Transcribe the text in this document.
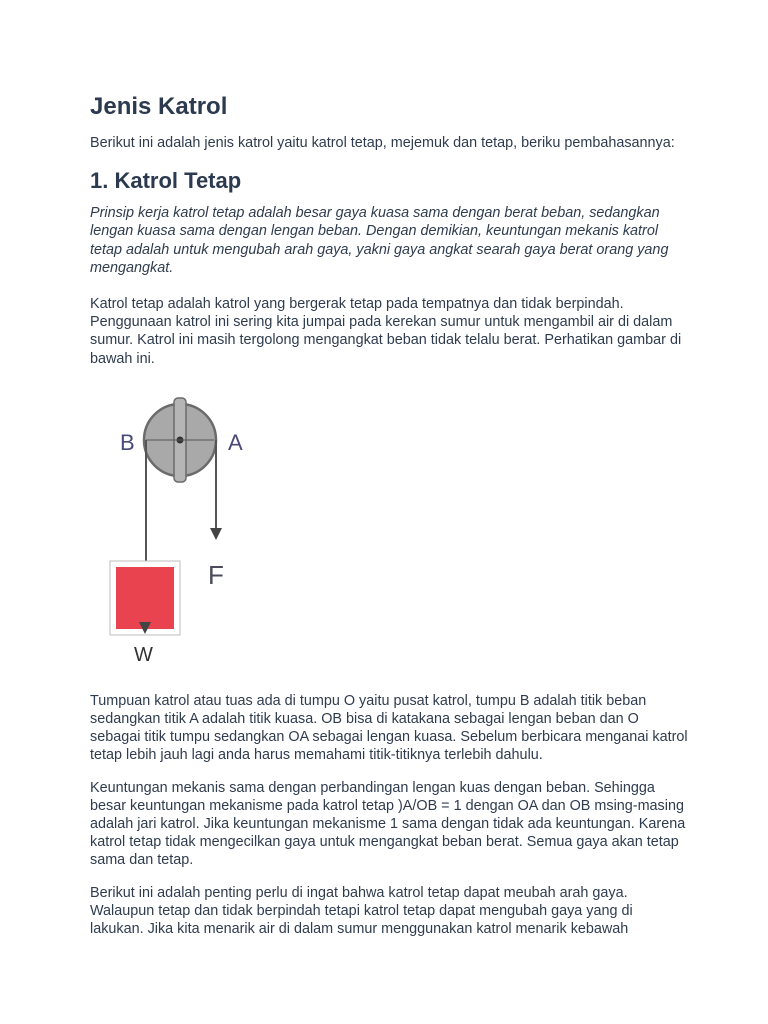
Jenis Katrol

Berikut ini adalah jenis katrol yaitu katrol tetap, mejemuk dan tetap, beriku pembahasannya:

1. Katrol Tetap

Prinsip kerja katrol tetap adalah besar gaya kuasa sama dengan berat beban, sedangkan lengan kuasa sama dengan lengan beban. Dengan demikian, keuntungan mekanis katrol tetap adalah untuk mengubah arah gaya, yakni gaya angkat searah gaya berat orang yang mengangkat.

Katrol tetap adalah katrol yang bergerak tetap pada tempatnya dan tidak berpindah. Penggunaan katrol ini sering kita jumpai pada kerekan sumur untuk mengambil air di dalam sumur. Katrol ini masih tergolong mengangkat beban tidak telalu berat. Perhatikan gambar di bawah ini.

B	A
F
W

Tumpuan katrol atau tuas ada di tumpu O yaitu pusat katrol, tumpu B adalah titik beban sedangkan titik A adalah titik kuasa. OB bisa di katakana sebagai lengan beban dan O sebagai titik tumpu sedangkan OA sebagai lengan kuasa. Sebelum berbicara menganai katrol tetap lebih jauh lagi anda harus memahami titik-titiknya terlebih dahulu.

Keuntungan mekanis sama dengan perbandingan lengan kuas dengan beban. Sehingga besar keuntungan mekanisme pada katrol tetap )A/OB = 1 dengan OA dan OB msing-masing adalah jari katrol. Jika keuntungan mekanisme 1 sama dengan tidak ada keuntungan. Karena katrol tetap tidak mengecilkan gaya untuk mengangkat beban berat. Semua gaya akan tetap sama dan tetap.

Berikut ini adalah penting perlu di ingat bahwa katrol tetap dapat meubah arah gaya. Walaupun tetap dan tidak berpindah tetapi katrol tetap dapat mengubah gaya yang di lakukan. Jika kita menarik air di dalam sumur menggunakan katrol menarik kebawah
